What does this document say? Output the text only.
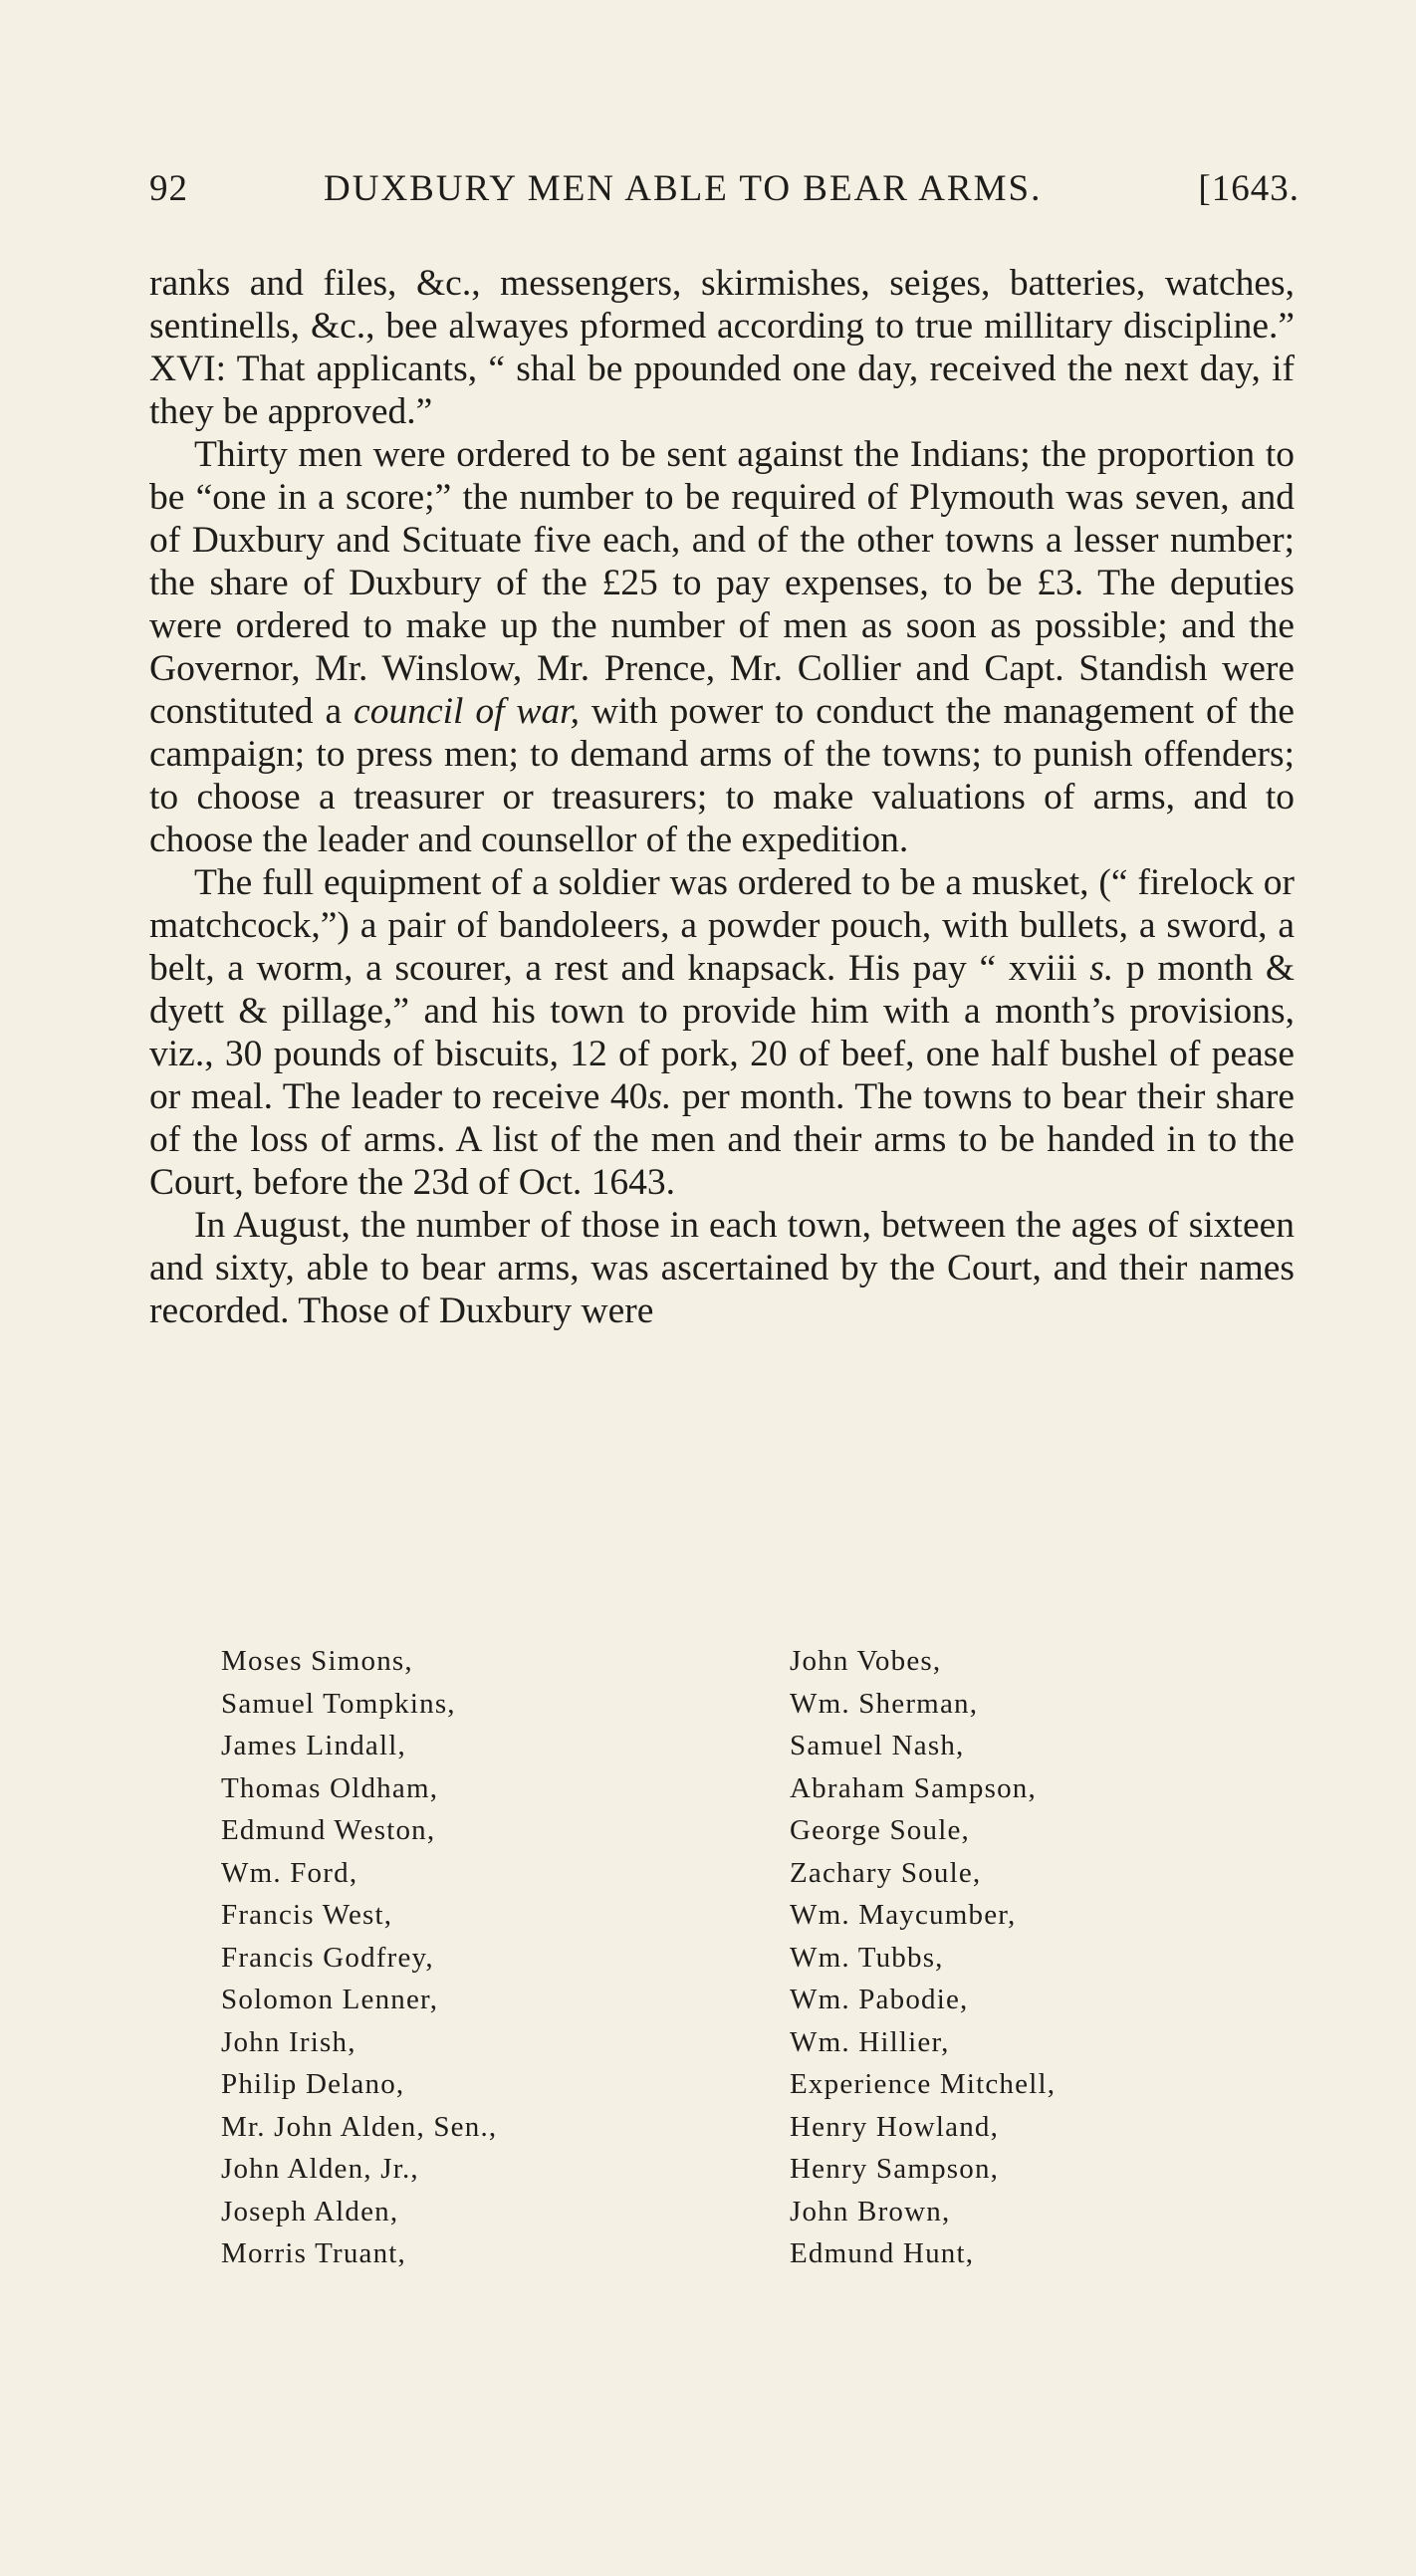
92	DUXBURY MEN ABLE TO BEAR ARMS.	[1643.

ranks and files, &c., messengers, skirmishes, seiges, batteries, watches, sentinells, &c., bee alwayes pformed according to true millitary discipline.” XVI: That applicants, “ shal be ppounded one day, received the next day, if they be approved.”

Thirty men were ordered to be sent against the Indians; the proportion to be “one in a score;” the number to be required of Plymouth was seven, and of Duxbury and Scituate five each, and of the other towns a lesser number; the share of Duxbury of the £25 to pay expenses, to be £3. The deputies were ordered to make up the number of men as soon as possible; and the Governor, Mr. Winslow, Mr. Prence, Mr. Collier and Capt. Standish were constituted a council of war, with power to conduct the management of the campaign; to press men; to demand arms of the towns; to punish offenders; to choose a treasurer or treasurers; to make valuations of arms, and to choose the leader and counsellor of the expedition.

The full equipment of a soldier was ordered to be a musket, (“ firelock or matchcock,”) a pair of bandoleers, a powder pouch, with bullets, a sword, a belt, a worm, a scourer, a rest and knapsack. His pay “ xviii s. p month & dyett & pillage,” and his town to provide him with a month’s provisions, viz., 30 pounds of biscuits, 12 of pork, 20 of beef, one half bushel of pease or meal. The leader to receive 40s. per month. The towns to bear their share of the loss of arms. A list of the men and their arms to be handed in to the Court, before the 23d of Oct. 1643.

In August, the number of those in each town, between the ages of sixteen and sixty, able to bear arms, was ascertained by the Court, and their names recorded. Those of Duxbury were

Moses Simons,
Samuel Tompkins,
James Lindall,
Thomas Oldham,
Edmund Weston,
Wm. Ford,
Francis West,
Francis Godfrey,
Solomon Lenner,
John Irish,
Philip Delano,
Mr. John Alden, Sen.,
John Alden, Jr.,
Joseph Alden,
Morris Truant,
John Vobes,
Wm. Sherman,
Samuel Nash,
Abraham Sampson,
George Soule,
Zachary Soule,
Wm. Maycumber,
Wm. Tubbs,
Wm. Pabodie,
Wm. Hillier,
Experience Mitchell,
Henry Howland,
Henry Sampson,
John Brown,
Edmund Hunt,
